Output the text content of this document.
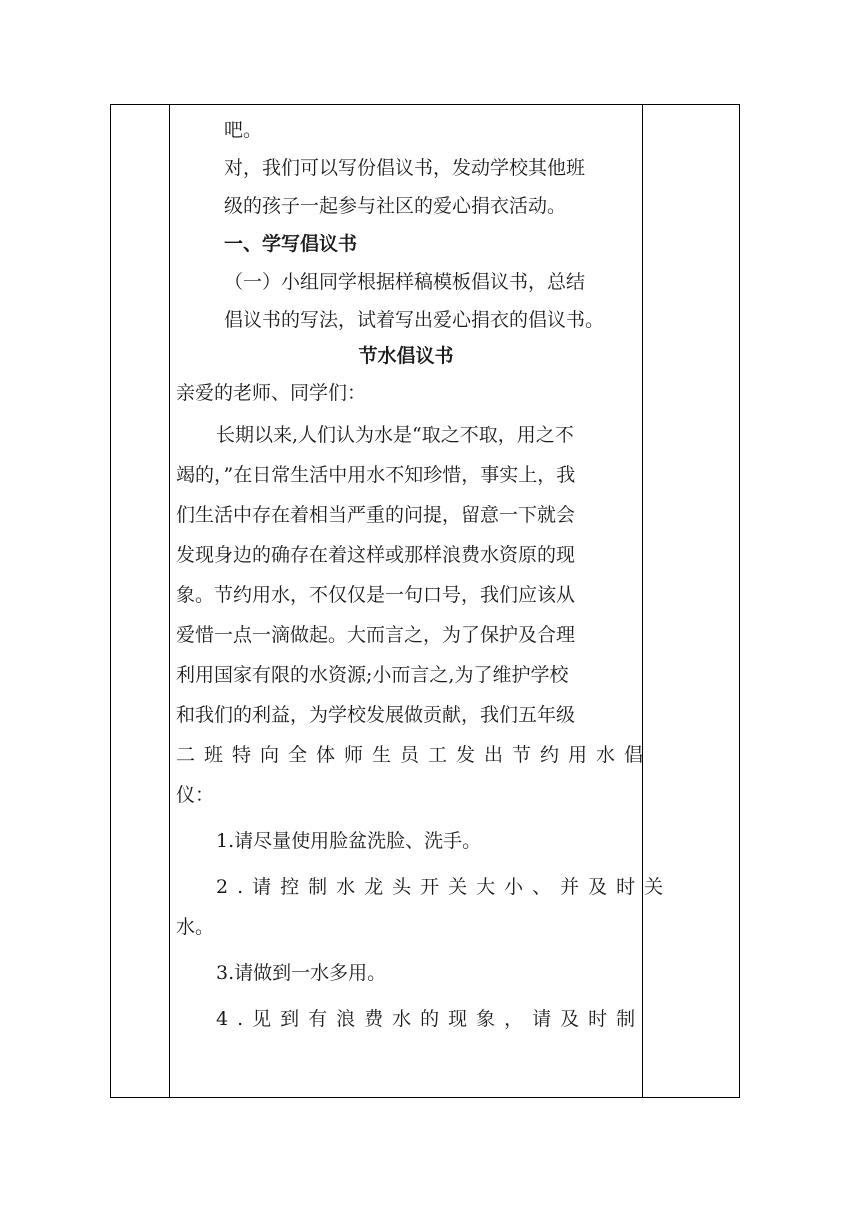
吧。

对，我们可以写份倡议书，发动学校其他班

级的孩子一起参与社区的爱心捐衣活动。

一、学写倡议书

（一）小组同学根据样稿模板倡议书，总结

倡议书的写法，试着写出爱心捐衣的倡议书。

节水倡议书

亲爱的老师、同学们：

长期以来,人们认为水是“取之不取，用之不

竭的，”在日常生活中用水不知珍惜，事实上，我

们生活中存在着相当严重的问提，留意一下就会

发现身边的确存在着这样或那样浪费水资原的现

象。节约用水，不仅仅是一句口号，我们应该从

爱惜一点一滴做起。大而言之，为了保护及合理

利用国家有限的水资源;小而言之,为了维护学校

和我们的利益，为学校发展做贡献，我们五年级

二班特向全体师生员工发出节约用水倡

仪：

1.请尽量使用脸盆洗脸、洗手。

2.请控制水龙头开关大小、并及时关

水。

3.请做到一水多用。

4.见到有浪费水的现象，请及时制
